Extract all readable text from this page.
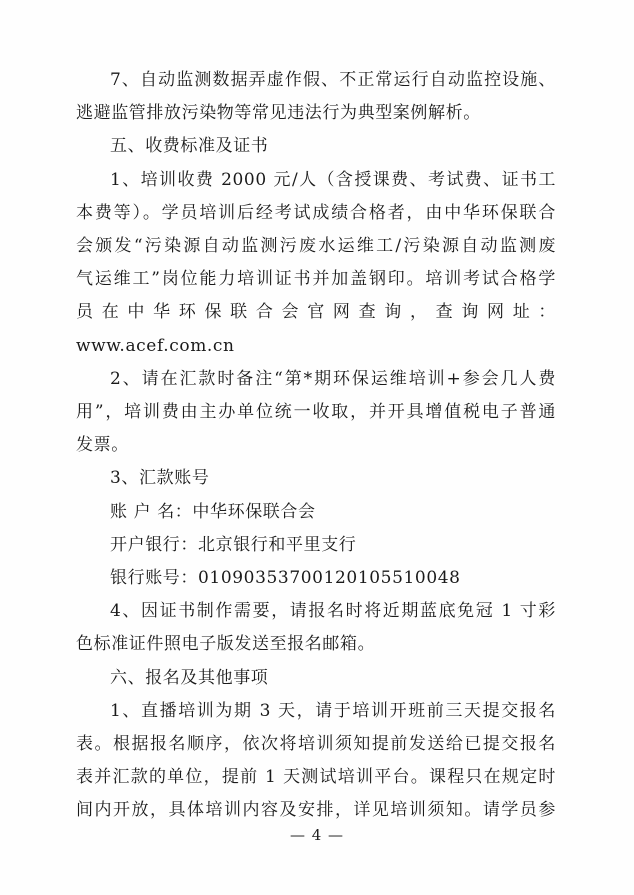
7、自动监测数据弄虚作假、不正常运行自动监控设施、
逃避监管排放污染物等常见违法行为典型案例解析。

五、收费标准及证书

1、培训收费 2000 元/人（含授课费、考试费、证书工
本费等）。学员培训后经考试成绩合格者，由中华环保联合
会颁发“污染源自动监测污废水运维工/污染源自动监测废
气运维工”岗位能力培训证书并加盖钢印。培训考试合格学
员在中华环保联合会官网查询，查询网址：www.acef.com.cn

2、请在汇款时备注“第*期环保运维培训+参会几人费
用”，培训费由主办单位统一收取，并开具增值税电子普通
发票。

3、汇款账号

账 户 名：中华环保联合会

开户银行：北京银行和平里支行

银行账号：01090353700120105510048

4、因证书制作需要，请报名时将近期蓝底免冠 1 寸彩
色标准证件照电子版发送至报名邮箱。

六、报名及其他事项

1、直播培训为期 3 天，请于培训开班前三天提交报名
表。根据报名顺序，依次将培训须知提前发送给已提交报名
表并汇款的单位，提前 1 天测试培训平台。课程只在规定时
间内开放，具体培训内容及安排，详见培训须知。请学员参

— 4 —
